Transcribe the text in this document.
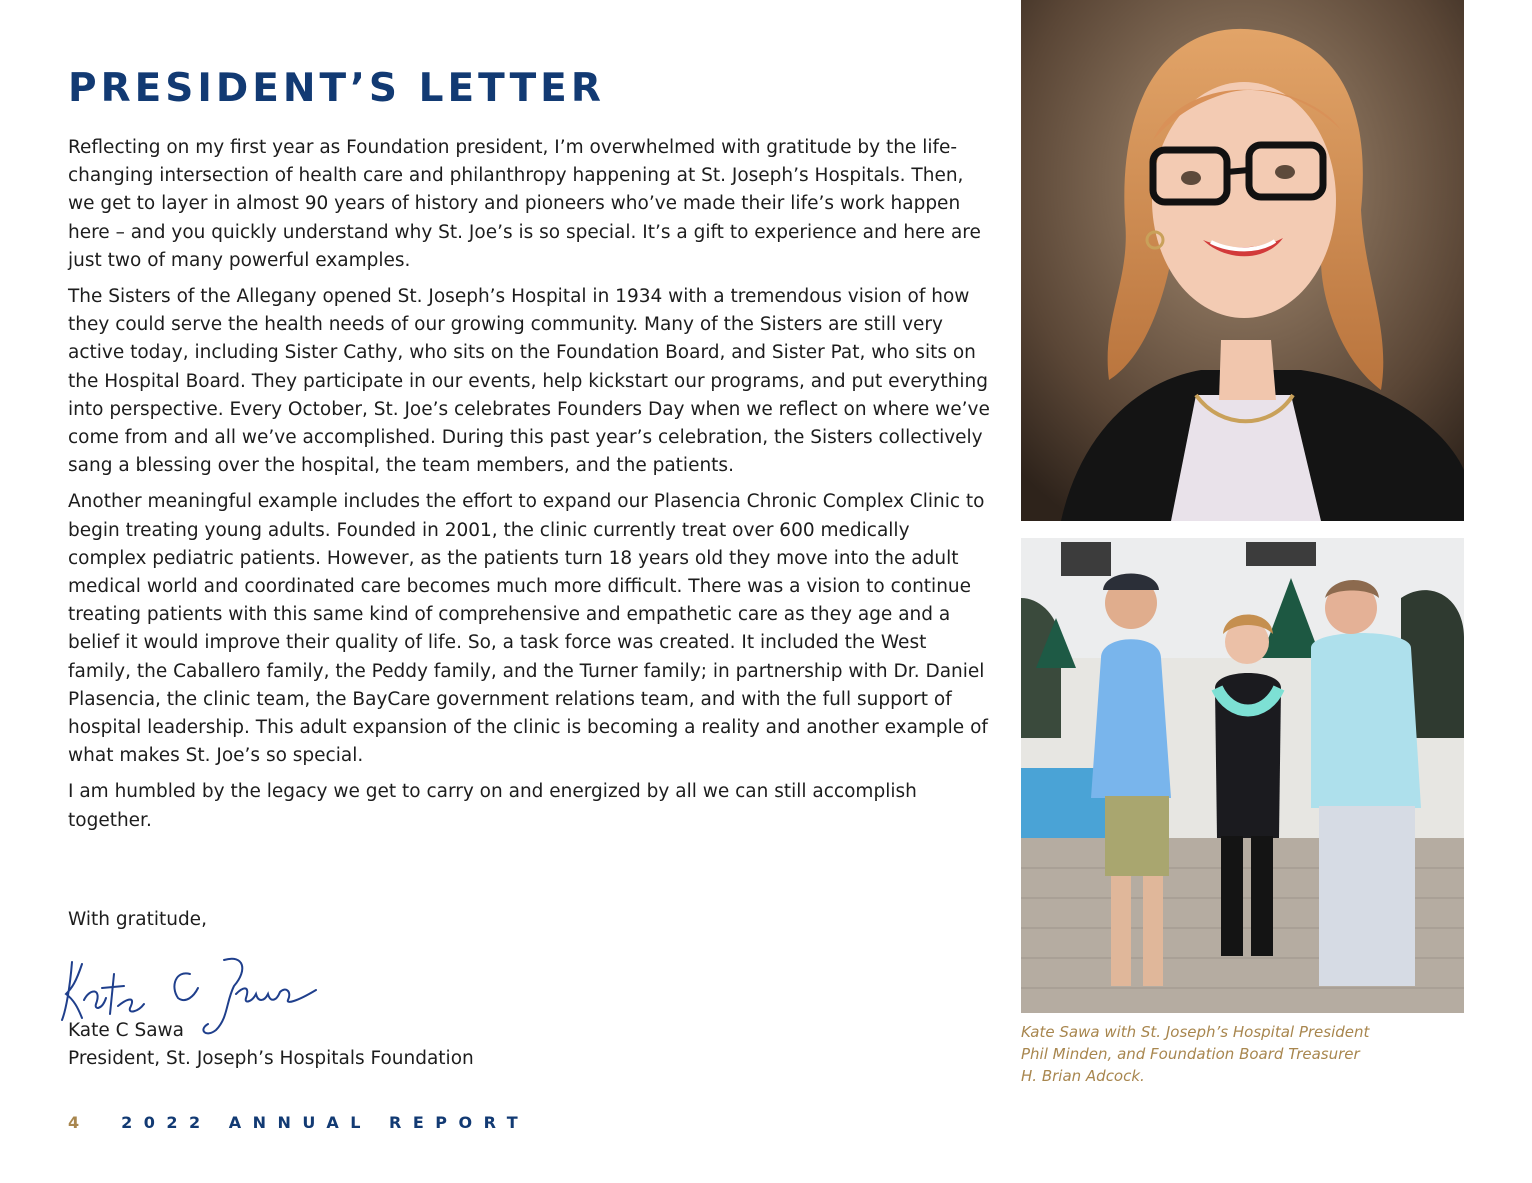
PRESIDENT’S LETTER

Reflecting on my first year as Foundation president, I’m overwhelmed with gratitude by the life-changing intersection of health care and philanthropy happening at St. Joseph’s Hospitals. Then, we get to layer in almost 90 years of history and pioneers who’ve made their life’s work happen here – and you quickly understand why St. Joe’s is so special. It’s a gift to experience and here are just two of many powerful examples.

The Sisters of the Allegany opened St. Joseph’s Hospital in 1934 with a tremendous vision of how they could serve the health needs of our growing community. Many of the Sisters are still very active today, including Sister Cathy, who sits on the Foundation Board, and Sister Pat, who sits on the Hospital Board. They participate in our events, help kickstart our programs, and put everything into perspective. Every October, St. Joe’s celebrates Founders Day when we reflect on where we’ve come from and all we’ve accomplished. During this past year’s celebration, the Sisters collectively sang a blessing over the hospital, the team members, and the patients.

Another meaningful example includes the effort to expand our Plasencia Chronic Complex Clinic to begin treating young adults. Founded in 2001, the clinic currently treat over 600 medically complex pediatric patients. However, as the patients turn 18 years old they move into the adult medical world and coordinated care becomes much more difficult. There was a vision to continue treating patients with this same kind of comprehensive and empathetic care as they age and a belief it would improve their quality of life. So, a task force was created. It included the West family, the Caballero family, the Peddy family, and the Turner family; in partnership with Dr. Daniel Plasencia, the clinic team, the BayCare government relations team, and with the full support of hospital leadership. This adult expansion of the clinic is becoming a reality and another example of what makes St. Joe’s so special.

I am humbled by the legacy we get to carry on and energized by all we can still accomplish together.

With gratitude,
Kate C Sawa
President, St. Joseph’s Hospitals Foundation
4	2022 ANNUAL REPORT
Kate Sawa with St. Joseph’s Hospital President
Phil Minden, and Foundation Board Treasurer
H. Brian Adcock.
